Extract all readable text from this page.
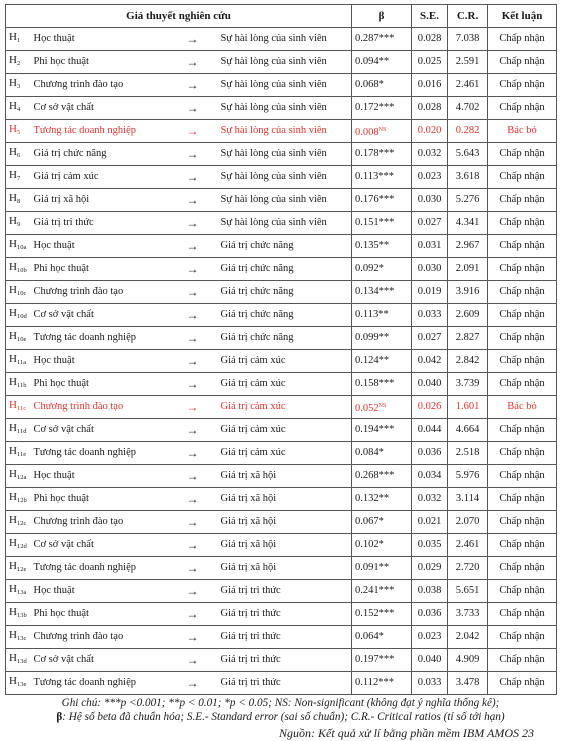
Giả thuyết nghiên cứu				β	S.E.	C.R.	Kết luận
$H_1$	Học thuật	→	Sự hài lòng của sinh viên	0.287***	0.028	7.038	Chấp nhận
$H_2$	Phi học thuật	→	Sự hài lòng của sinh viên	0.094**	0.025	2.591	Chấp nhận
$H_3$	Chương trình đào tạo	→	Sự hài lòng của sinh viên	0.068*	0.016	2.461	Chấp nhận
$H_4$	Cơ sở vật chất	→	Sự hài lòng của sinh viên	0.172***	0.028	4.702	Chấp nhận
$H_5$	Tương tác doanh nghiệp	→	Sự hài lòng của sinh viên	$0.008^{NS}$	0.020	0.282	Bác bỏ
$H_6$	Giá trị chức năng	→	Sự hài lòng của sinh viên	0.178***	0.032	5.643	Chấp nhận
$H_7$	Giá trị cảm xúc	→	Sự hài lòng của sinh viên	0.113***	0.023	3.618	Chấp nhận
$H_8$	Giá trị xã hội	→	Sự hài lòng của sinh viên	0.176***	0.030	5.276	Chấp nhận
$H_9$	Giá trị tri thức	→	Sự hài lòng của sinh viên	0.151***	0.027	4.341	Chấp nhận
$H_{10a}$	Học thuật	→	Giá trị chức năng	0.135**	0.031	2.967	Chấp nhận
$H_{10b}$	Phi học thuật	→	Giá trị chức năng	0.092*	0.030	2.091	Chấp nhận
$H_{10c}$	Chương trình đào tạo	→	Giá trị chức năng	0.134***	0.019	3.916	Chấp nhận
$H_{10d}$	Cơ sở vật chất	→	Giá trị chức năng	0.113**	0.033	2.609	Chấp nhận
$H_{10e}$	Tương tác doanh nghiệp	→	Giá trị chức năng	0.099**	0.027	2.827	Chấp nhận
$H_{11a}$	Học thuật	→	Giá trị cảm xúc	0.124**	0.042	2.842	Chấp nhận
$H_{11b}$	Phi học thuật	→	Giá trị cảm xúc	0.158***	0.040	3.739	Chấp nhận
$H_{11c}$	Chương trình đào tạo	→	Giá trị cảm xúc	$0.052^{NS}$	0.026	1.601	Bác bỏ
$H_{11d}$	Cơ sở vật chất	→	Giá trị cảm xúc	0.194***	0.044	4.664	Chấp nhận
$H_{11e}$	Tương tác doanh nghiệp	→	Giá trị cảm xúc	0.084*	0.036	2.518	Chấp nhận
$H_{12a}$	Học thuật	→	Giá trị xã hội	0.268***	0.034	5.976	Chấp nhận
$H_{12b}$	Phi học thuật	→	Giá trị xã hội	0.132**	0.032	3.114	Chấp nhận
$H_{12c}$	Chương trình đào tạo	→	Giá trị xã hội	0.067*	0.021	2.070	Chấp nhận
$H_{12d}$	Cơ sở vật chất	→	Giá trị xã hội	0.102*	0.035	2.461	Chấp nhận
$H_{12e}$	Tương tác doanh nghiệp	→	Giá trị xã hội	0.091**	0.029	2.720	Chấp nhận
$H_{13a}$	Học thuật	→	Giá trị tri thức	0.241***	0.038	5.651	Chấp nhận
$H_{13b}$	Phi học thuật	→	Giá trị tri thức	0.152***	0.036	3.733	Chấp nhận
$H_{13c}$	Chương trình đào tạo	→	Giá trị tri thức	0.064*	0.023	2.042	Chấp nhận
$H_{13d}$	Cơ sở vật chất	→	Giá trị tri thức	0.197***	0.040	4.909	Chấp nhận
$H_{13e}$	Tương tác doanh nghiệp	→	Giá trị tri thức	0.112***	0.033	3.478	Chấp nhận
Ghi chú: ***p <0.001; **p < 0.01; *p < 0.05; NS: Non-significant (không đạt ý nghĩa thống kê);
β: Hệ số beta đã chuẩn hóa; S.E.- Standard error (sai số chuẩn); C.R.- Critical ratios (tỉ số tới hạn)
Nguồn: Kết quả xử lí bằng phần mềm IBM AMOS 23
